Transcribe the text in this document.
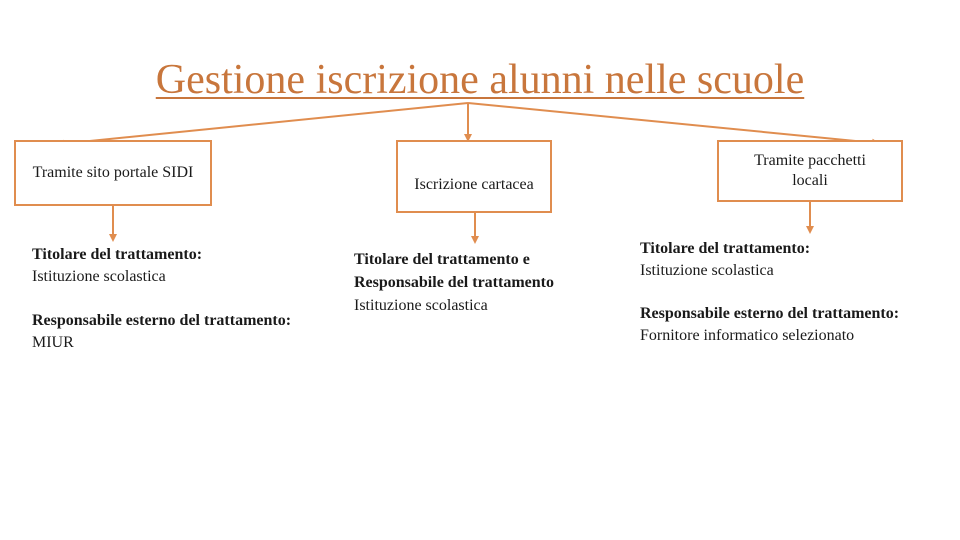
Gestione iscrizione alunni nelle scuole
Tramite sito portale SIDI
Iscrizione cartacea
Tramite pacchetti
locali
Titolare del trattamento:
Istituzione scolastica
Responsabile esterno del trattamento:
MIUR
Titolare del trattamento e
Responsabile del trattamento
Istituzione scolastica
Titolare del trattamento:
Istituzione scolastica
Responsabile esterno del trattamento:
Fornitore informatico selezionato
